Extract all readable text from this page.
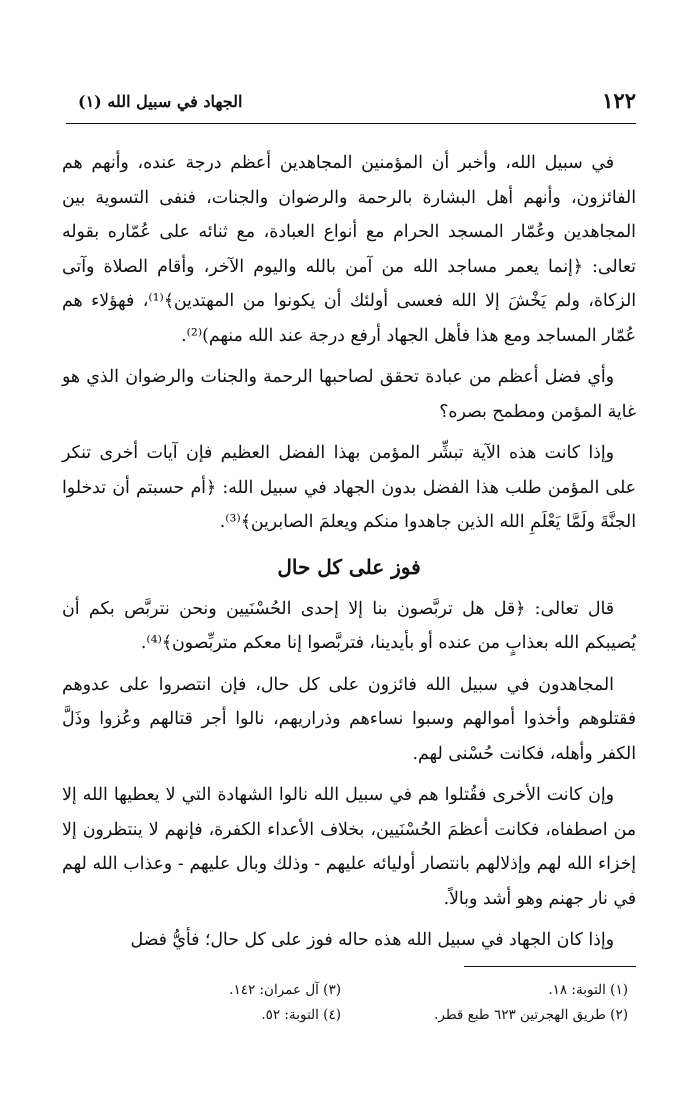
١٢٢
الجهاد في سبيل الله (١)

في سبيل الله، وأخبر أن المؤمنين المجاهدين أعظم درجة عنده، وأنهم هم الفائزون، وأنهم أهل البشارة بالرحمة والرضوان والجنات، فنفى التسوية بين المجاهدين وعُمّار المسجد الحرام مع أنواع العبادة، مع ثنائه على عُمّاره بقوله تعالى: ﴿إنما يعمر مساجد الله من آمن بالله واليوم الآخر، وأقام الصلاة وآتى الزكاة، ولم يَخْشَ إلا الله فعسى أولئك أن يكونوا من المهتدين﴾⁽¹⁾، فهؤلاء هم عُمّار المساجد ومع هذا فأهل الجهاد أرفع درجة عند الله منهم)⁽²⁾.

وأي فضل أعظم من عبادة تحقق لصاحبها الرحمة والجنات والرضوان الذي هو غاية المؤمن ومطمح بصره؟

وإذا كانت هذه الآية تبشِّر المؤمن بهذا الفضل العظيم فإن آيات أخرى تنكر على المؤمن طلب هذا الفضل بدون الجهاد في سبيل الله: ﴿أم حسبتم أن تدخلوا الجنَّةَ ولَمَّا يَعْلَمِ الله الذين جاهدوا منكم ويعلمَ الصابرين﴾⁽³⁾.

فوز على كل حال

قال تعالى: ﴿قل هل تربَّصون بنا إلا إحدى الحُسْنَيين ونحن نتربَّص بكم أن يُصيبكم الله بعذابٍ من عنده أو بأيدينا، فتربَّصوا إنا معكم متربِّصون﴾⁽⁴⁾.

المجاهدون في سبيل الله فائزون على كل حال، فإن انتصروا على عدوهم فقتلوهم وأخذوا أموالهم وسبوا نساءهم وذراريهم، نالوا أجر قتالهم وعُزوا وذَلَّ الكفر وأهله، فكانت حُسْنى لهم.

وإن كانت الأخرى فقُتلوا هم في سبيل الله نالوا الشهادة التي لا يعطيها الله إلا من اصطفاه، فكانت أعظمَ الحُسْنَيين، بخلاف الأعداء الكفرة، فإنهم لا ينتظرون إلا إخزاء الله لهم وإذلالهم بانتصار أوليائه عليهم - وذلك وبال عليهم - وعذاب الله لهم في نار جهنم وهو أشد وبالاً.

وإذا كان الجهاد في سبيل الله هذه حاله فوز على كل حال؛ فأيُّ فضل

(١) التوبة: ١٨.
(٣) آل عمران: ١٤٢.
(٢) طريق الهجرتين ٦٢٣ طبع قطر.
(٤) التوبة: ٥٢.
